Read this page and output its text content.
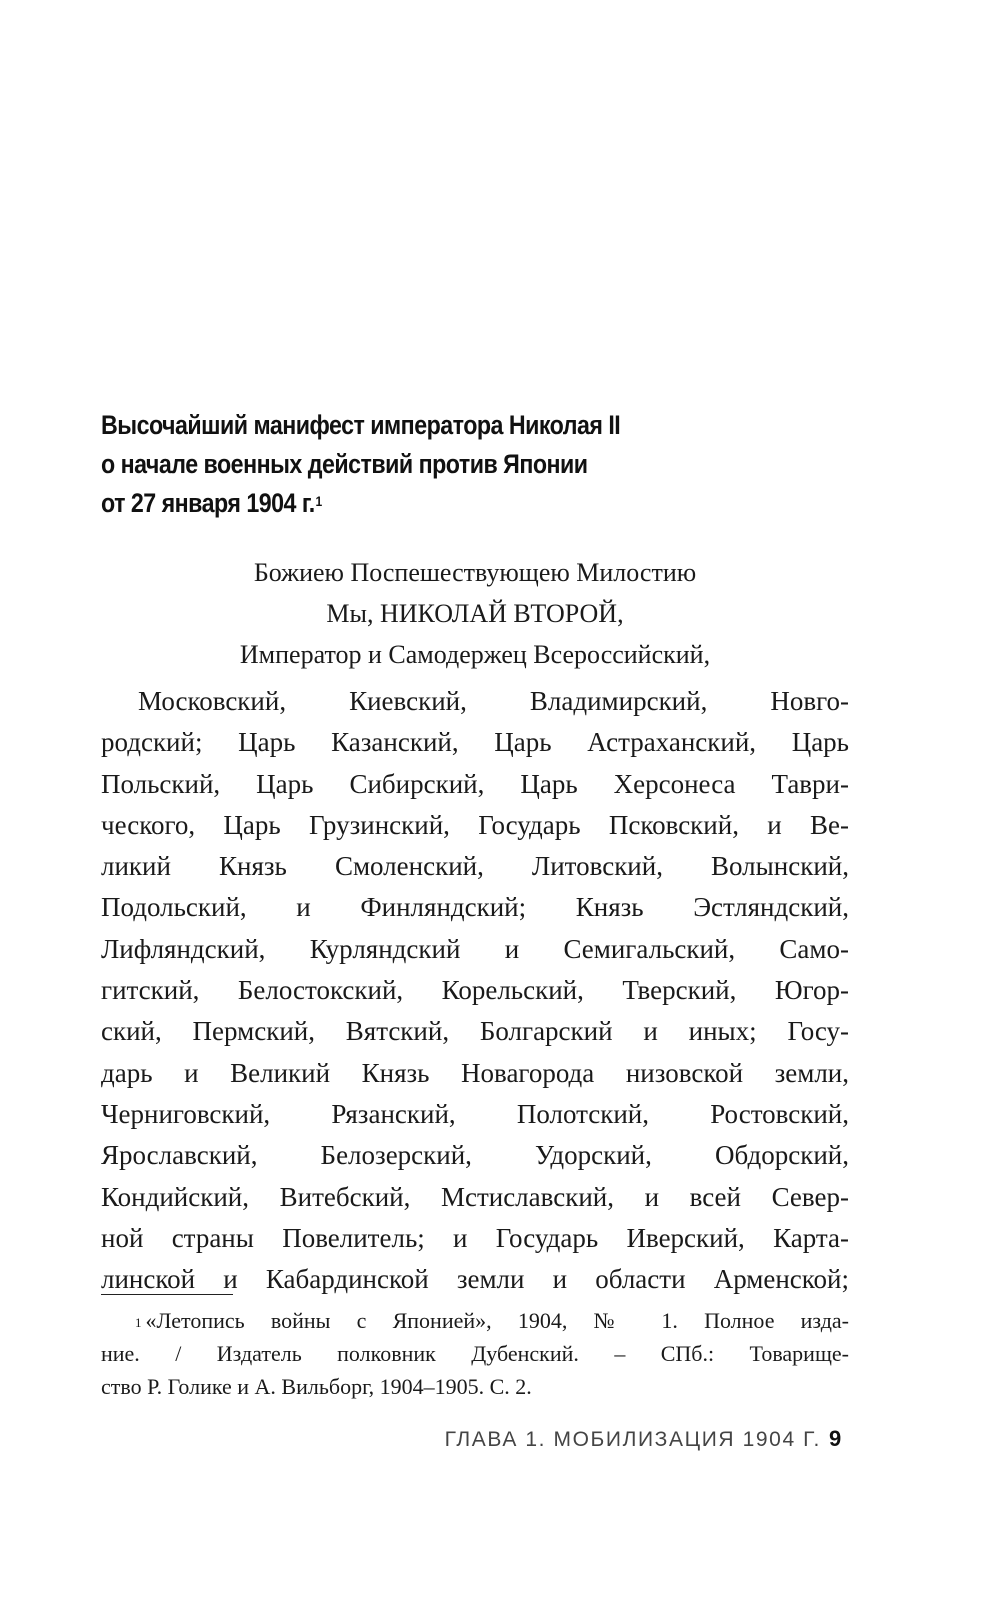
Высочайший манифест императора Николая II
о начале военных действий против Японии
от 27 января 1904 г.$^1$
Божиею Поспешествующею Милостию
Мы, НИКОЛАЙ ВТОРОЙ,
Император и Самодержец Всероссийский,
Московский, Киевский, Владимирский, Новго-
родский; Царь Казанский, Царь Астраханский, Царь
Польский, Царь Сибирский, Царь Херсонеса Таври-
ческого, Царь Грузинский, Государь Псковский, и Ве-
ликий Князь Смоленский, Литовский, Волынский,
Подольский, и Финляндский; Князь Эстляндский,
Лифляндский, Курляндский и Семигальский, Само-
гитский, Белостокский, Корельский, Тверский, Югор-
ский, Пермский, Вятский, Болгарский и иных; Госу-
дарь и Великий Князь Новагорода низовской земли,
Черниговский, Рязанский, Полотский, Ростовский,
Ярославский, Белозерский, Удорский, Обдорский,
Кондийский, Витебский, Мстиславский, и всей Север-
ной страны Повелитель; и Государь Иверский, Карта-
линской и Кабардинской земли и области Арменской;
$^1$ «Летопись войны с Японией», 1904, № 1. Полное изда-
ние. / Издатель полковник Дубенский. – СПб.: Товарище-
ство Р. Голике и А. Вильборг, 1904–1905. С. 2.
ГЛАВА 1. МОБИЛИЗАЦИЯ 1904 Г. 9
